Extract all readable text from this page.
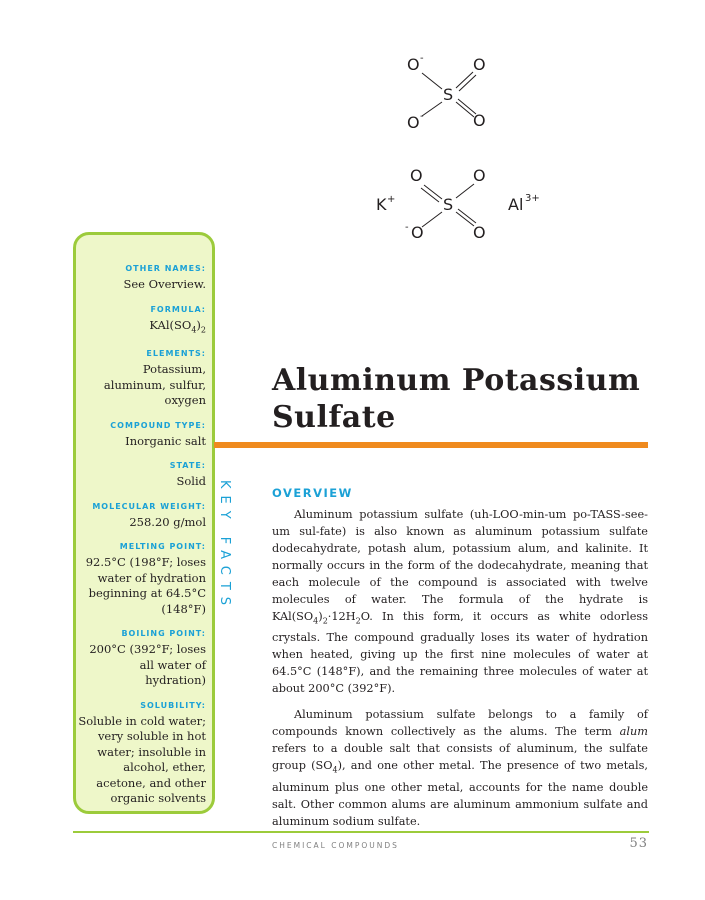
O -	O
S
O -	O
O	O
K +	S	Al 3+
- O	O
OTHER NAMES:
See Overview.
FORMULA:
$KAl(SO_4)_2$
ELEMENTS:
Potassium, aluminum, sulfur, oxygen
COMPOUND TYPE:
Inorganic salt
STATE:
Solid
MOLECULAR WEIGHT:
258.20 g/mol
MELTING POINT:
92.5°C (198°F; loses water of hydration beginning at 64.5°C (148°F)
BOILING POINT:
200°C (392°F; loses all water of hydration)
SOLUBILITY:
Soluble in cold water; very soluble in hot water; insoluble in alcohol, ether, acetone, and other organic solvents
KEY FACTS
Aluminum Potassium Sulfate
OVERVIEW

Aluminum potassium sulfate (uh-LOO-min-um po-TASS-see-um sul-fate) is also known as aluminum potassium sulfate dodecahydrate, potash alum, potassium alum, and kalinite. It normally occurs in the form of the dodecahydrate, meaning that each molecule of the compound is associated with twelve molecules of water. The formula of the hydrate is $KAl(SO_4)_2\cdot 12H_2O$. In this form, it occurs as white odorless crystals. The compound gradually loses its water of hydration when heated, giving up the first nine molecules of water at 64.5°C (148°F), and the remaining three molecules of water at about 200°C (392°F).

Aluminum potassium sulfate belongs to a family of compounds known collectively as the alums. The term alum refers to a double salt that consists of aluminum, the sulfate group $(SO_4)$, and one other metal. The presence of two metals, aluminum plus one other metal, accounts for the name double salt. Other common alums are aluminum ammonium sulfate and aluminum sodium sulfate.

CHEMICAL COMPOUNDS	53
